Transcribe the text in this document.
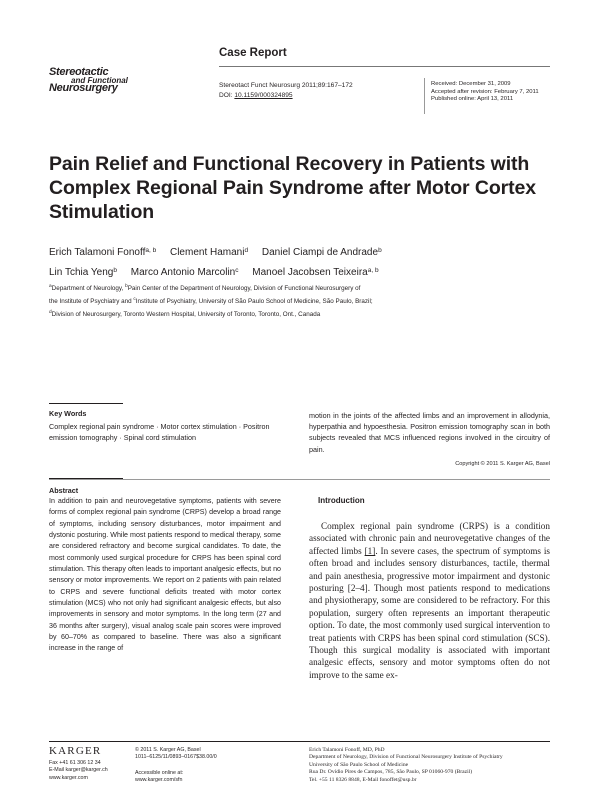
Stereotactic
and Functional
Neurosurgery
Case Report
Stereotact Funct Neurosurg 2011;89:167–172
DOI: 10.1159/000324895
Received: December 31, 2009
Accepted after revision: February 7, 2011
Published online: April 13, 2011
Pain Relief and Functional Recovery in Patients with Complex Regional Pain Syndrome after Motor Cortex Stimulation
Erich Talamoni Fonoff$^{a, b}$ Clement Hamani$^d$ Daniel Ciampi de Andrade$^b$
Lin Tchia Yeng$^b$ Marco Antonio Marcolin$^c$ Manoel Jacobsen Teixeira$^{a, b}$
$^a$Department of Neurology, $^b$Pain Center of the Department of Neurology, Division of Functional Neurosurgery of
the Institute of Psychiatry and $^c$Institute of Psychiatry, University of São Paulo School of Medicine, São Paulo, Brazil;
$^d$Division of Neurosurgery, Toronto Western Hospital, University of Toronto, Toronto, Ont., Canada
Key Words
Complex regional pain syndrome · Motor cortex stimulation · Positron emission tomography · Spinal cord stimulation
motion in the joints of the affected limbs and an improvement in allodynia, hyperpathia and hypoesthesia. Positron emission tomography scan in both subjects revealed that MCS influenced regions involved in the circuitry of pain.
Copyright © 2011 S. Karger AG, Basel
Abstract
In addition to pain and neurovegetative symptoms, patients with severe forms of complex regional pain syndrome (CRPS) develop a broad range of symptoms, including sensory disturbances, motor impairment and dystonic posturing. While most patients respond to medical therapy, some are considered refractory and become surgical candidates. To date, the most commonly used surgical procedure for CRPS has been spinal cord stimulation. This therapy often leads to important analgesic effects, but no sensory or motor improvements. We report on 2 patients with pain related to CRPS and severe functional deficits treated with motor cortex stimulation (MCS) who not only had significant analgesic effects, but also improvements in sensory and motor symptoms. In the long term (27 and 36 months after surgery), visual analog scale pain scores were improved by 60–70% as compared to baseline. There was also a significant increase in the range of
Introduction
Complex regional pain syndrome (CRPS) is a condition associated with chronic pain and neurovegetative changes of the affected limbs [1]. In severe cases, the spectrum of symptoms is often broad and includes sensory disturbances, tactile, thermal and pain anesthesia, progressive motor impairment and dystonic posturing [2–4]. Though most patients respond to medications and physiotherapy, some are considered to be refractory. For this population, surgery often represents an important therapeutic option. To date, the most commonly used surgical intervention to treat patients with CRPS has been spinal cord stimulation (SCS). Though this surgical modality is associated with important analgesic effects, sensory and motor symptoms often do not improve to the same ex-
KARGER
Fax +41 61 306 12 34
E-Mail karger@karger.ch
www.karger.com
© 2011 S. Karger AG, Basel
1011–6125/11/0893–0167$38.00/0
Accessible online at:
www.karger.com/sfn
Erich Talamoni Fonoff, MD, PhD
Department of Neurology, Division of Functional Neurosurgery Institute of Psychiatry
University of São Paulo School of Medicine
Rua Dr. Ovídio Pires de Campos, 785, São Paulo, SP 01060-970 (Brazil)
Tel. +55 11 8326 8848, E-Mail fonoffet@usp.br
